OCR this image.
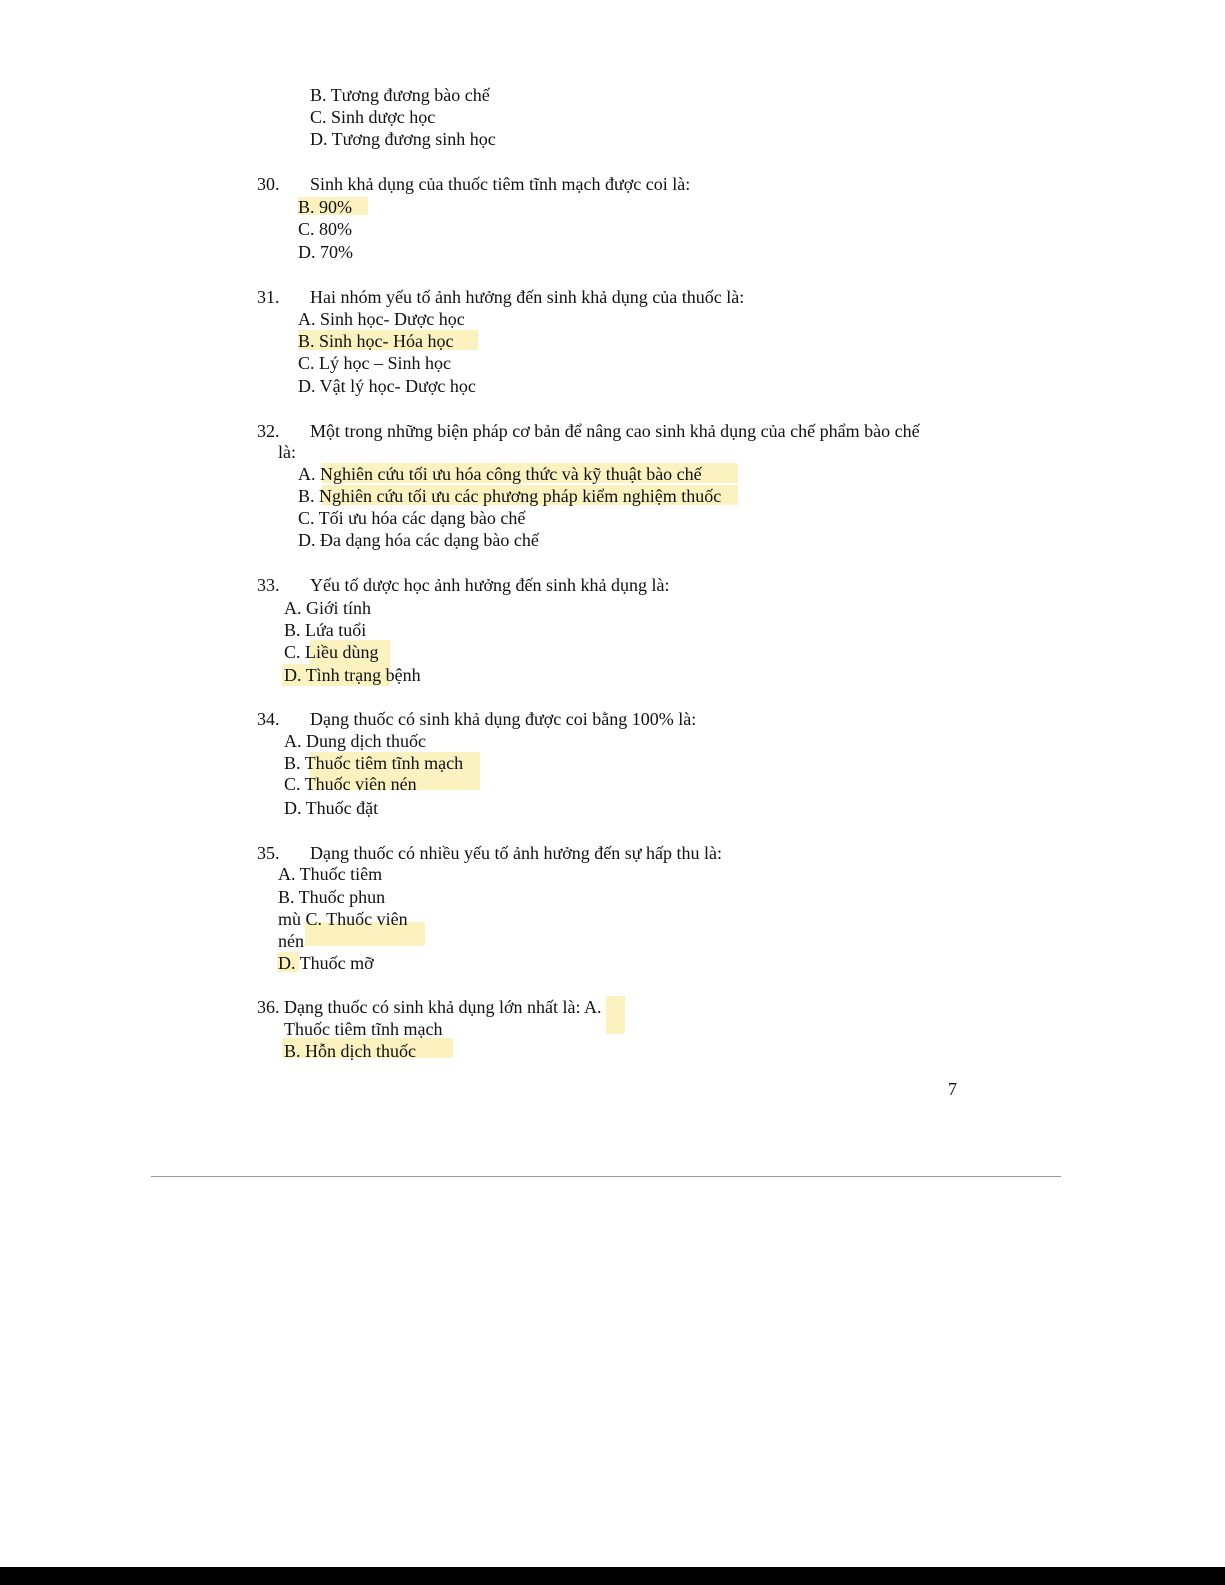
B. Tương đương bào chế
C. Sinh dược học
D. Tương đương sinh học
30. Sinh khả dụng của thuốc tiêm tĩnh mạch được coi là:
B. 90%
C. 80%
D. 70%
31. Hai nhóm yếu tố ảnh hưởng đến sinh khả dụng của thuốc là:
A. Sinh học- Dược học
B. Sinh học- Hóa học
C. Lý học – Sinh học
D. Vật lý học- Dược học
32. Một trong những biện pháp cơ bản để nâng cao sinh khả dụng của chế phẩm bào chế
là:
A. Nghiên cứu tối ưu hóa công thức và kỹ thuật bào chế
B. Nghiên cứu tối ưu các phương pháp kiểm nghiệm thuốc
C. Tối ưu hóa các dạng bào chế
D. Đa dạng hóa các dạng bào chế
33. Yếu tố dược học ảnh hưởng đến sinh khả dụng là:
A. Giới tính
B. Lứa tuổi
C. Liều dùng
D. Tình trạng bệnh
34. Dạng thuốc có sinh khả dụng được coi bằng 100% là:
A. Dung dịch thuốc
B. Thuốc tiêm tĩnh mạch
C. Thuốc viên nén
D. Thuốc đặt
35. Dạng thuốc có nhiều yếu tố ảnh hưởng đến sự hấp thu là:
A. Thuốc tiêm
B. Thuốc phun
mù C. Thuốc viên
nén
D. Thuốc mỡ
36. Dạng thuốc có sinh khả dụng lớn nhất là: A.
Thuốc tiêm tĩnh mạch
B. Hỗn dịch thuốc
7
